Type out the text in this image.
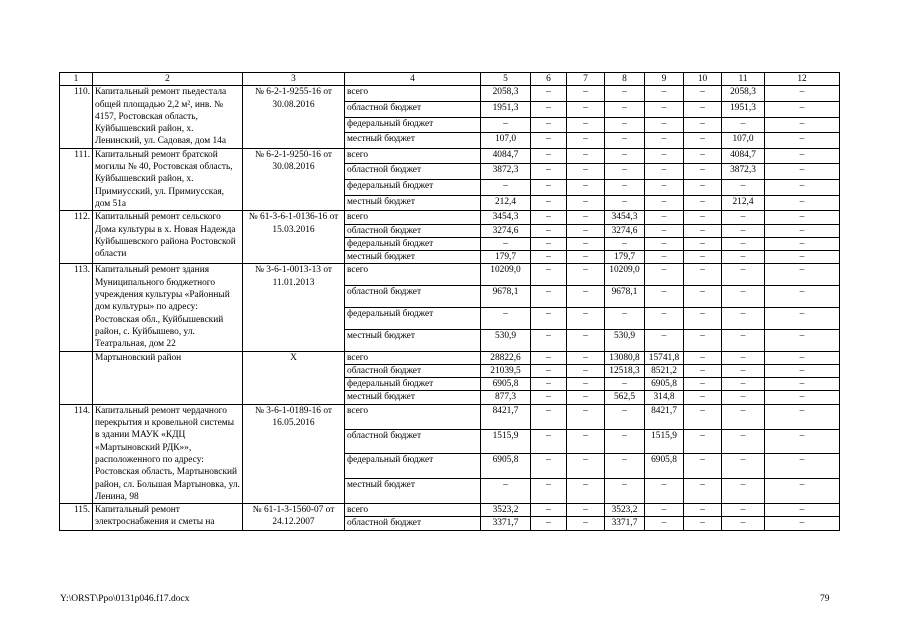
1	2	3	4	5	6	7	8	9	10	11	12
110.	Капитальный ремонт пьедестала общей площадью 2,2 м², инв. № 4157, Ростовская область, Куйбышевский район, х. Ленинский, ул. Садовая, дом 14а	№ 6-2-1-9255-16 от 30.08.2016	всего	2058,3	–	–	–	–	–	2058,3	–
			областной бюджет	1951,3	–	–	–	–	–	1951,3	–
			федеральный бюджет	–	–	–	–	–	–	–	–
			местный бюджет	107,0	–	–	–	–	–	107,0	–
111.	Капитальный ремонт братской могилы № 40, Ростовская область, Куйбышевский район, х. Примиусский, ул. Примиусская, дом 51а	№ 6-2-1-9250-16 от 30.08.2016	всего	4084,7	–	–	–	–	–	4084,7	–
			областной бюджет	3872,3	–	–	–	–	–	3872,3	–
			федеральный бюджет	–	–	–	–	–	–	–	–
			местный бюджет	212,4	–	–	–	–	–	212,4	–
112.	Капитальный ремонт сельского Дома культуры в х. Новая Надежда Куйбышевского района Ростовской области	№ 61-3-6-1-0136-16 от 15.03.2016	всего	3454,3	–	–	3454,3	–	–	–	–
			областной бюджет	3274,6	–	–	3274,6	–	–	–	–
			федеральный бюджет	–	–	–	–	–	–	–	–
			местный бюджет	179,7	–	–	179,7	–	–	–	–
113.	Капитальный ремонт здания Муниципального бюджетного учреждения культуры «Районный дом культуры» по адресу: Ростовская обл., Куйбышевский район, с. Куйбышево, ул. Театральная, дом 22	№ 3-6-1-0013-13 от 11.01.2013	всего	10209,0	–	–	10209,0	–	–	–	–
			областной бюджет	9678,1	–	–	9678,1	–	–	–	–
			федеральный бюджет	–	–	–	–	–	–	–	–
			местный бюджет	530,9	–	–	530,9	–	–	–	–
	Мартыновский район	X	всего	28822,6	–	–	13080,8	15741,8	–	–	–
			областной бюджет	21039,5	–	–	12518,3	8521,2	–	–	–
			федеральный бюджет	6905,8	–	–	–	6905,8	–	–	–
			местный бюджет	877,3	–	–	562,5	314,8	–	–	–
114.	Капитальный ремонт чердачного перекрытия и кровельной системы в здании МАУК «КДЦ «Мартыновский РДК»», расположенного по адресу: Ростовская область, Мартыновский район, сл. Большая Мартыновка, ул. Ленина, 98	№ 3-6-1-0189-16 от 16.05.2016	всего	8421,7	–	–	–	8421,7	–	–	–
			областной бюджет	1515,9	–	–	–	1515,9	–	–	–
			федеральный бюджет	6905,8	–	–	–	6905,8	–	–	–
			местный бюджет	–	–	–	–	–	–	–	–
115.	Капитальный ремонт электроснабжения и сметы на	№ 61-1-3-1560-07 от 24.12.2007	всего	3523,2	–	–	3523,2	–	–	–	–
			областной бюджет	3371,7	–	–	3371,7	–	–	–	–
Y:\ORST\Ppo\0131p046.f17.docx	79
